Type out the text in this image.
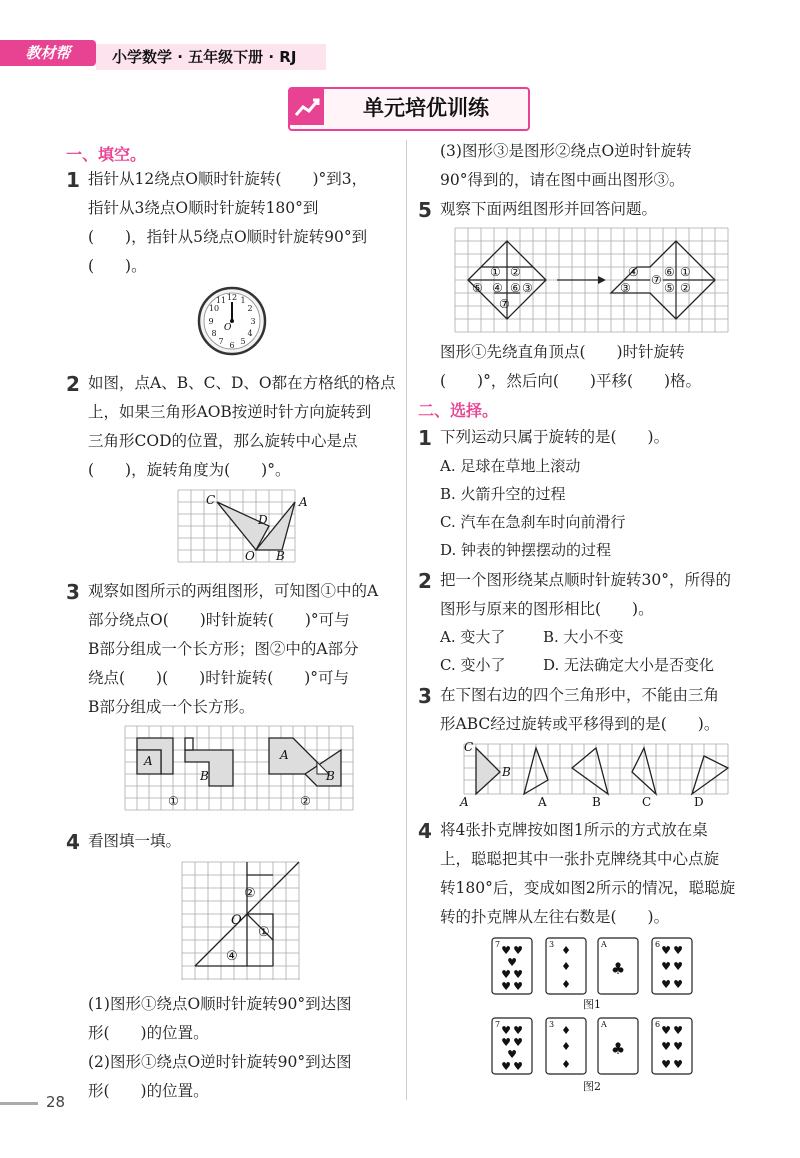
教材帮	小学数学 · 五年级下册 · RJ
单元培优训练
一、填空。
1 指针从12绕点O顺时针旋转(　　)°到3，
指针从3绕点O顺时针旋转180°到
(　　)，指针从5绕点O顺时针旋转90°到
(　　)。
12 1
2
3
4
5
6
7
8
9
10
11
O
2 如图，点A、B、C、D、O都在方格纸的格点
上，如果三角形AOB按逆时针方向旋转到
三角形COD的位置，那么旋转中心是点
(　　)，旋转角度为(　　)°。
C
D
A
O B
3 观察如图所示的两组图形，可知图①中的A
部分绕点O(　　)时针旋转(　　)°可与
B部分组成一个长方形；图②中的A部分
绕点(　　)(　　)时针旋转(　　)°可与
B部分组成一个长方形。
A
B
①
A
B
②
4 看图填一填。
②
O
①
④
(1)图形①绕点O顺时针旋转90°到达图
形(　　)的位置。
(2)图形①绕点O逆时针旋转90°到达图
形(　　)的位置。
(3)图形③是图形②绕点O逆时针旋转
90°得到的，请在图中画出图形③。
5 观察下面两组图形并回答问题。
① ②
⑤ ④ ⑥ ③
⑦
④
③
⑦
⑥ ①
⑤ ②
图形①先绕直角顶点(　　)时针旋转
(　　)°，然后向(　　)平移(　　)格。
二、选择。
1 下列运动只属于旋转的是(　　)。
A. 足球在草地上滚动
B. 火箭升空的过程
C. 汽车在急刹车时向前滑行
D. 钟表的钟摆摆动的过程
2 把一个图形绕某点顺时针旋转30°，所得的
图形与原来的图形相比(　　)。
A. 变大了	B. 大小不变
C. 变小了	D. 无法确定大小是否变化
3 在下图右边的四个三角形中，不能由三角
形ABC经过旋转或平移得到的是(　　)。
C
B
A	A	B	C	D
4 将4张扑克牌按如图1所示的方式放在桌
上，聪聪把其中一张扑克牌绕其中心点旋
转180°后，变成如图2所示的情况，聪聪旋
转的扑克牌从左往右数是(　　)。
7	3	A	6
7	3	A	6
♥ ♥
♥
♥ ♥
♥ ♥
♦
♦
♦
♣
♥ ♥
♥ ♥
♥ ♥
♥ ♥
♥ ♥
♥
♥ ♥
♦
♦
♦
♣
♥ ♥
♥ ♥
♥ ♥
图1
图2
28
